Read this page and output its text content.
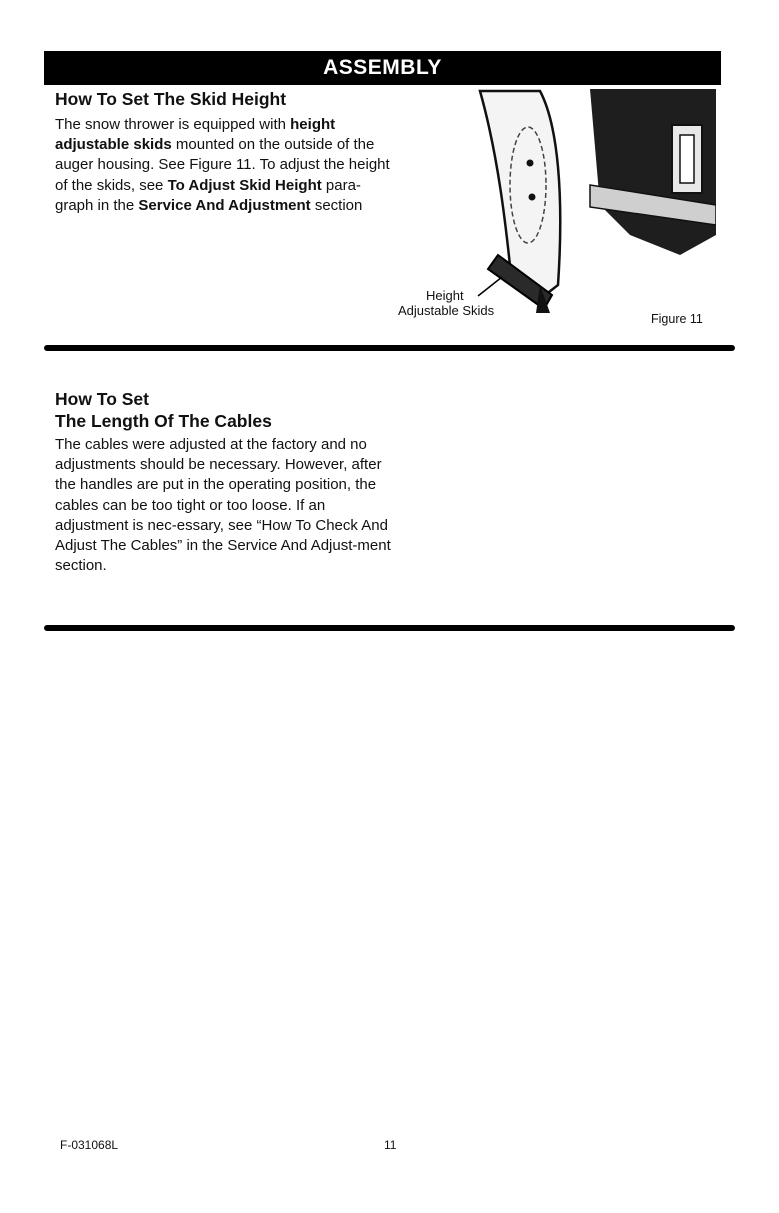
ASSEMBLY
How To Set The Skid Height

The snow thrower is equipped with height adjustable skids mounted on the outside of the auger housing. See Figure 11. To adjust the height of the skids, see To Adjust Skid Height para-graph in the Service And Adjustment section

Height
Adjustable Skids
Figure 11
How To Set
The Length Of The Cables

The cables were adjusted at the factory and no adjustments should be necessary. However, after the handles are put in the operating position, the cables can be too tight or too loose. If an adjustment is nec-essary, see “How To Check And Adjust The Cables” in the Service And Adjust-ment section.

F-031068L	11
